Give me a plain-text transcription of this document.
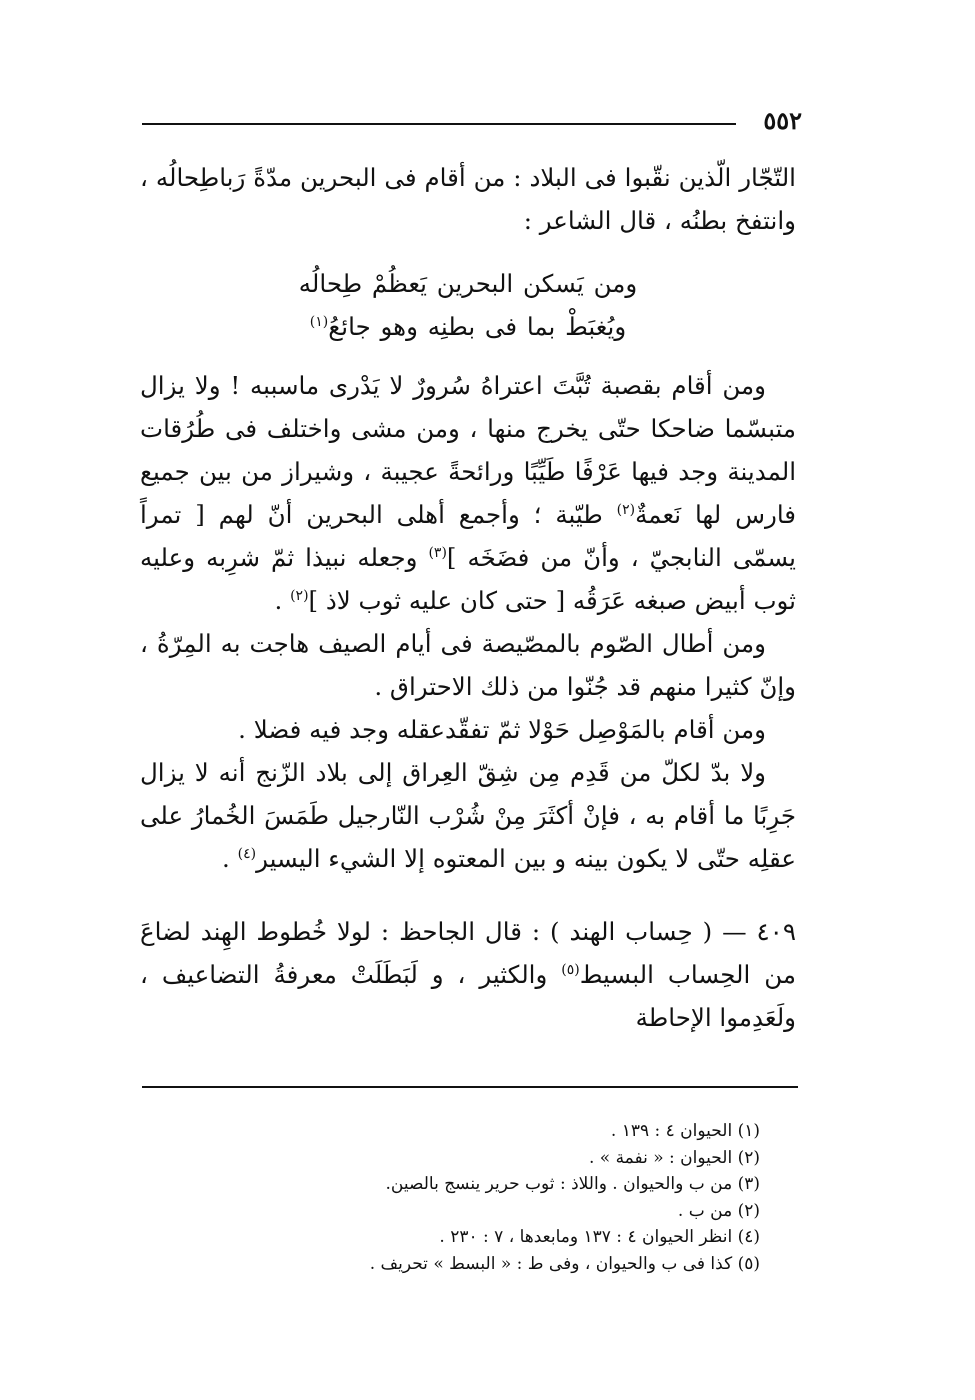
٥٥٢

التّجّار الّذين نقّبوا فى البلاد : من أقام فى البحرين مدّةً رَباطِحالُه ، وانتفخ بطنُه ، قال الشاعر :

ومن يَسكن البحرين يَعظُمْ طِحالُهويُغبَطْ بما فى بطنِه وهو جائعُ$^{(١)}$

ومن أقام بقصبة تُبَّتَ اعتراهُ سُرورٌ لا يَدْرى ماسببه ! ولا يزال متبسّما ضاحكا حتّى يخرج منها ، ومن مشى واختلف فى طُرُقات المدينة وجد فيها عَرْفًا طَيِّبًا ورائحةً عجيبة ، وشيراز من بين جميع فارس لها نَعمةٌ$^{(٢)}$ طيّبة ؛ وأجمع أهلى البحرين أنّ لهم [ تمراً يسمّى النابجيّ ، وأنّ من فضَخَه ]$^{(٣)}$ وجعله نبيذا ثمّ شرِبه وعليه ثوب أبيض صبغه عَرَقُه [ حتى كان عليه ثوب لاذ ]$^{(٢)}$ .

ومن أطال الصّوم بالمصّيصة فى أيام الصيف هاجت به المِرّةُ ، وإنّ كثيرا منهم قد جُنّوا من ذلك الاحتراق .

ومن أقام بالمَوْصِل حَوْلا ثمّ تفقّدعقله وجد فيه فضلا .

ولا بدّ لكلّ من قَدِم مِن شِقّ العِراق إلى بلاد الزّنج أنه لا يزال جَرِبًا ما أقام به ، فإنْ أكثَرَ مِنْ شُرْب النّارجيل طَمَسَ الخُمارُ على عقلِه حتّى لا يكون بينه و بين المعتوه إلا الشيء اليسير$^{(٤)}$ .

٤٠٩ — ( حِساب الهند ) : قال الجاحظ : لولا خُطوط الهِند لضاعَ من الحِساب البسيط$^{(٥)}$ والكثير ، و لَبَطَلَتْ معرفةُ التضاعيف ، ولَعَدِموا الإحاطة

(١) الحيوان ٤ : ١٣٩ .
(٢) الحيوان : « نفمة » .
(٣) من ب والحيوان . واللاذ : ثوب حرير ينسج بالصين.
(٢) من ب .
(٤) انظر الحيوان ٤ : ١٣٧ ومابعدها ، ٧ : ٢٣٠ .
(٥) كذا فى ب والحيوان ، وفى ط : « البسط » تحريف .
